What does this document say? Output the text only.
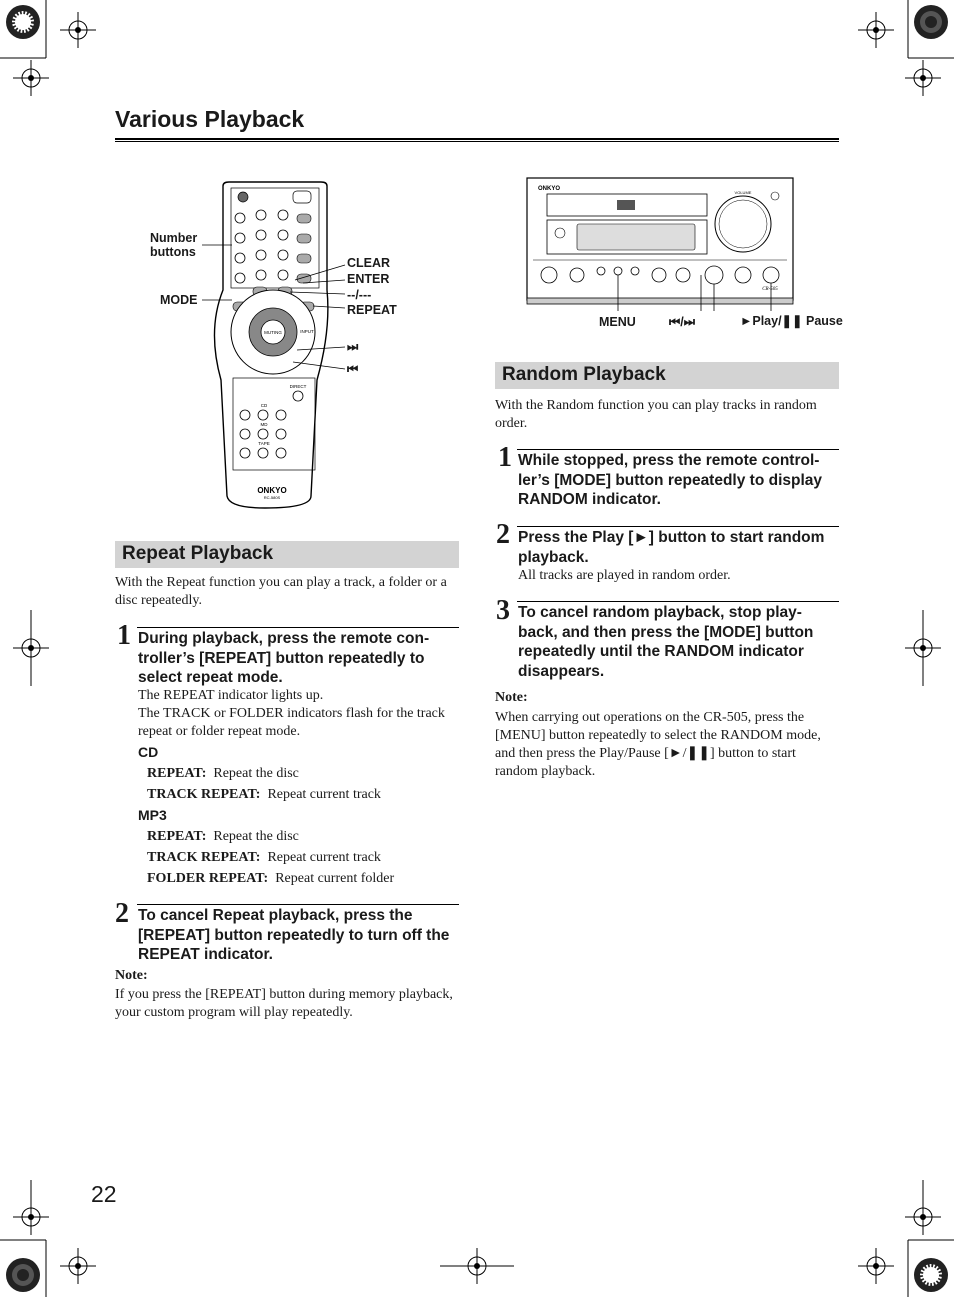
Various Playback
MUTING	INPUT
DIRECT
CD
MD
TAPE
ONKYO
RC-580S
Number
buttons
MODE
CLEAR
ENTER
--/---
REPEAT
⏭
⏮
ONKYO
VOLUME
CR-505
MENU	⏮/⏭	►Play/❚❚ Pause
Repeat Playback
With the Repeat function you can play a track, a folder or a disc repeatedly.
1 During playback, press the remote con-
troller’s [REPEAT] button repeatedly to
select repeat mode.
The REPEAT indicator lights up.
The TRACK or FOLDER indicators flash for the track repeat or folder repeat mode.
CD
REPEAT: Repeat the disc
TRACK REPEAT: Repeat current track
MP3
REPEAT: Repeat the disc
TRACK REPEAT: Repeat current track
FOLDER REPEAT: Repeat current folder
2 To cancel Repeat playback, press the
[REPEAT] button repeatedly to turn off the
REPEAT indicator.
Note:
If you press the [REPEAT] button during memory playback, your custom program will play repeatedly.
Random Playback
With the Random function you can play tracks in random order.
1 While stopped, press the remote control-
ler’s [MODE] button repeatedly to display
RANDOM indicator.
2 Press the Play [►] button to start random
playback.
All tracks are played in random order.
3 To cancel random playback, stop play-
back, and then press the [MODE] button
repeatedly until the RANDOM indicator
disappears.
Note:
When carrying out operations on the CR-505, press the [MENU] button repeatedly to select the RANDOM mode, and then press the Play/Pause [►/❚❚] button to start random playback.
22
